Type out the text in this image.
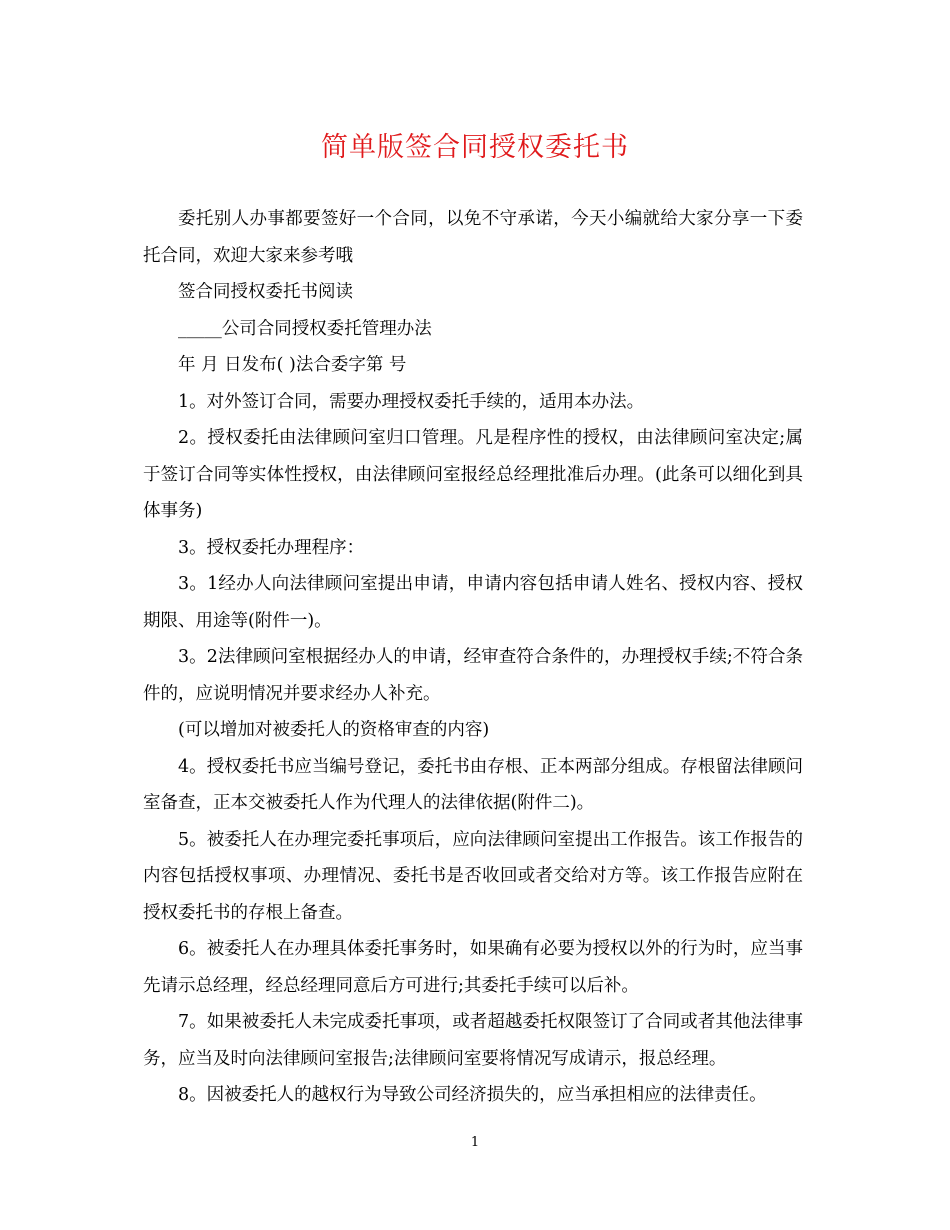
简单版签合同授权委托书

委托别人办事都要签好一个合同，以免不守承诺，今天小编就给大家分享一下委托合同，欢迎大家来参考哦

签合同授权委托书阅读

_____公司合同授权委托管理办法

年 月 日发布( )法合委字第 号

1。对外签订合同，需要办理授权委托手续的，适用本办法。

2。授权委托由法律顾问室归口管理。凡是程序性的授权，由法律顾问室决定;属于签订合同等实体性授权，由法律顾问室报经总经理批准后办理。(此条可以细化到具体事务)

3。授权委托办理程序：

3。1经办人向法律顾问室提出申请，申请内容包括申请人姓名、授权内容、授权期限、用途等(附件一)。

3。2法律顾问室根据经办人的申请，经审查符合条件的，办理授权手续;不符合条件的，应说明情况并要求经办人补充。

(可以增加对被委托人的资格审查的内容)

4。授权委托书应当编号登记，委托书由存根、正本两部分组成。存根留法律顾问室备查，正本交被委托人作为代理人的法律依据(附件二)。

5。被委托人在办理完委托事项后，应向法律顾问室提出工作报告。该工作报告的内容包括授权事项、办理情况、委托书是否收回或者交给对方等。该工作报告应附在授权委托书的存根上备查。

6。被委托人在办理具体委托事务时，如果确有必要为授权以外的行为时，应当事先请示总经理，经总经理同意后方可进行;其委托手续可以后补。

7。如果被委托人未完成委托事项，或者超越委托权限签订了合同或者其他法律事务，应当及时向法律顾问室报告;法律顾问室要将情况写成请示，报总经理。

8。因被委托人的越权行为导致公司经济损失的，应当承担相应的法律责任。

1
